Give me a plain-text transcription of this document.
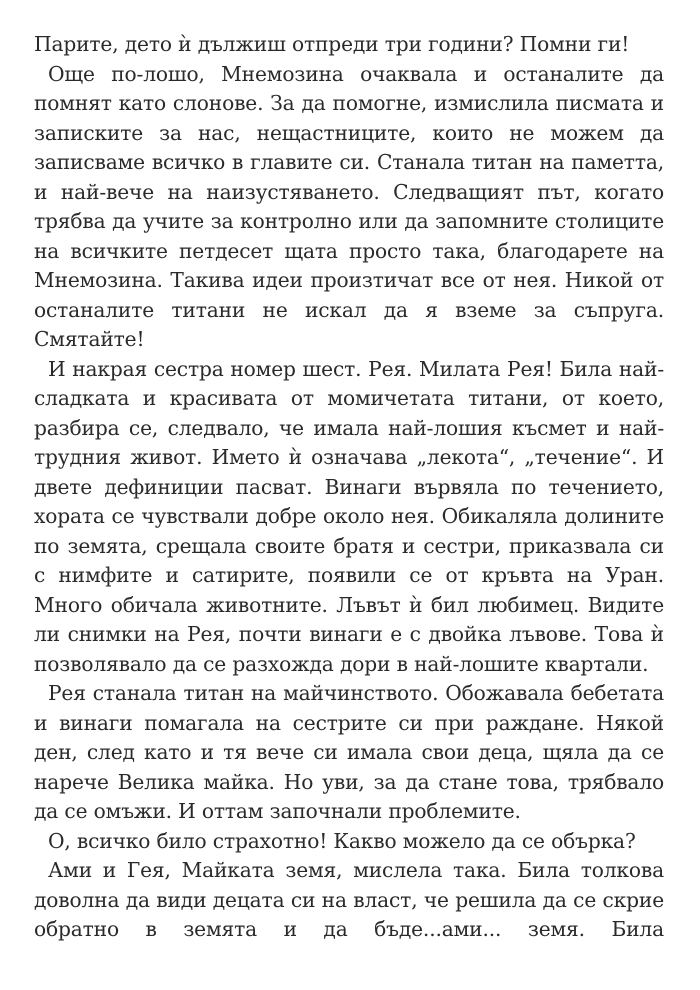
Парите, дето ѝ дължиш отпреди три години? Помни ги!

Още по-лошо, Мнемозина очаквала и останалите да помнят като слонове. За да помогне, измислила писмата и записките за нас, нещастниците, които не можем да записваме всичко в главите си. Станала титан на паметта, и най-вече на наизустяването. Следващият път, когато трябва да учите за контролно или да запомните столиците на всичките петдесет щата просто така, благодарете на Мнемозина. Такива идеи произтичат все от нея. Никой от останалите титани не искал да я вземе за съпруга. Смятайте!

И накрая сестра номер шест. Рея. Милата Рея! Била най-сладката и красивата от момичетата титани, от което, разбира се, следвало, че имала най-лошия късмет и най-трудния живот. Името ѝ означава „лекота“, „течение“. И двете дефиниции пасват. Винаги вървяла по течението, хората се чувствали добре около нея. Обикаляла долините по земята, срещала своите братя и сестри, приказвала си с нимфите и сатирите, появили се от кръвта на Уран. Много обичала животните. Лъвът ѝ бил любимец. Видите ли снимки на Рея, почти винаги е с двойка лъвове. Това ѝ позволявало да се разхожда дори в най-лошите квартали.

Рея станала титан на майчинството. Обожавала бебетата и винаги помагала на сестрите си при раждане. Някой ден, след като и тя вече си имала свои деца, щяла да се нарече Велика майка. Но уви, за да стане това, трябвало да се омъжи. И оттам започнали проблемите.

О, всичко било страхотно! Какво можело да се обърка?

Ами и Гея, Майката земя, мислела така. Била толкова доволна да види децата си на власт, че решила да се скрие обратно в земята и да бъде...ами... земя. Била
